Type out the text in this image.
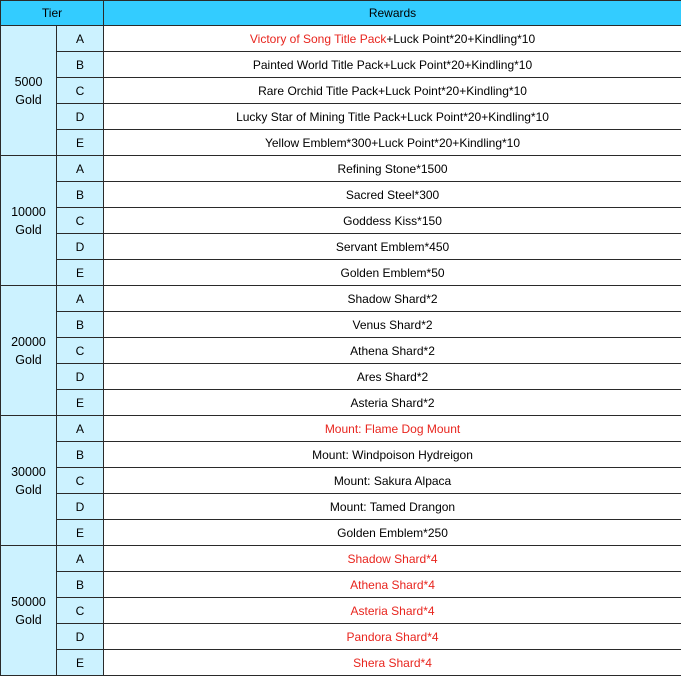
Tier		Rewards

5000
Gold	A	Victory of Song Title Pack+Luck Point*20+Kindling*10
	B	Painted World Title Pack+Luck Point*20+Kindling*10
	C	Rare Orchid Title Pack+Luck Point*20+Kindling*10
	D	Lucky Star of Mining Title Pack+Luck Point*20+Kindling*10
	E	Yellow Emblem*300+Luck Point*20+Kindling*10

10000
Gold	A	Refining Stone*1500
	B	Sacred Steel*300
	C	Goddess Kiss*150
	D	Servant Emblem*450
	E	Golden Emblem*50

20000
Gold	A	Shadow Shard*2
	B	Venus Shard*2
	C	Athena Shard*2
	D	Ares Shard*2
	E	Asteria Shard*2

30000
Gold	A	Mount: Flame Dog Mount
	B	Mount: Windpoison Hydreigon
	C	Mount: Sakura Alpaca
	D	Mount: Tamed Drangon
	E	Golden Emblem*250

50000
Gold	A	Shadow Shard*4
	B	Athena Shard*4
	C	Asteria Shard*4
	D	Pandora Shard*4
	E	Shera Shard*4
